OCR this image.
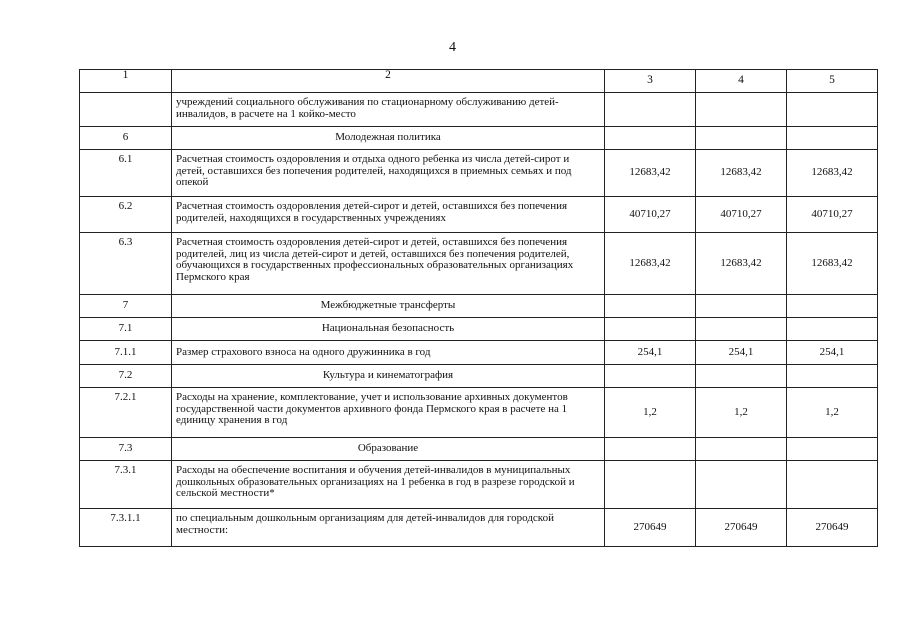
4
1	2	3	4	5
	учреждений социального обслуживания по стационарному обслуживанию детей-инвалидов, в расчете на 1 койко-место			
6	Молодежная политика			
6.1	Расчетная стоимость оздоровления и отдыха одного ребенка из числа детей-сирот и детей, оставшихся без попечения родителей, находящихся в приемных семьях и под опекой	12683,42	12683,42	12683,42
6.2	Расчетная стоимость оздоровления детей-сирот и детей, оставшихся без попечения родителей, находящихся в государственных учреждениях	40710,27	40710,27	40710,27
6.3	Расчетная стоимость оздоровления детей-сирот и детей, оставшихся без попечения родителей, лиц из числа детей-сирот и детей, оставшихся без попечения родителей, обучающихся в государственных профессиональных образовательных организациях Пермского края	12683,42	12683,42	12683,42
7	Межбюджетные трансферты			
7.1	Национальная безопасность			
7.1.1	Размер страхового взноса на одного дружинника в год	254,1	254,1	254,1
7.2	Культура и кинематография			
7.2.1	Расходы на хранение, комплектование, учет и использование архивных документов государственной части документов архивного фонда Пермского края в расчете на 1 единицу хранения в год	1,2	1,2	1,2
7.3	Образование			
7.3.1	Расходы на обеспечение воспитания и обучения детей-инвалидов в муниципальных дошкольных образовательных организациях на 1 ребенка в год в разрезе городской и сельской местности*			
7.3.1.1	по специальным дошкольным организациям для детей-инвалидов для городской местности:	270649	270649	270649
